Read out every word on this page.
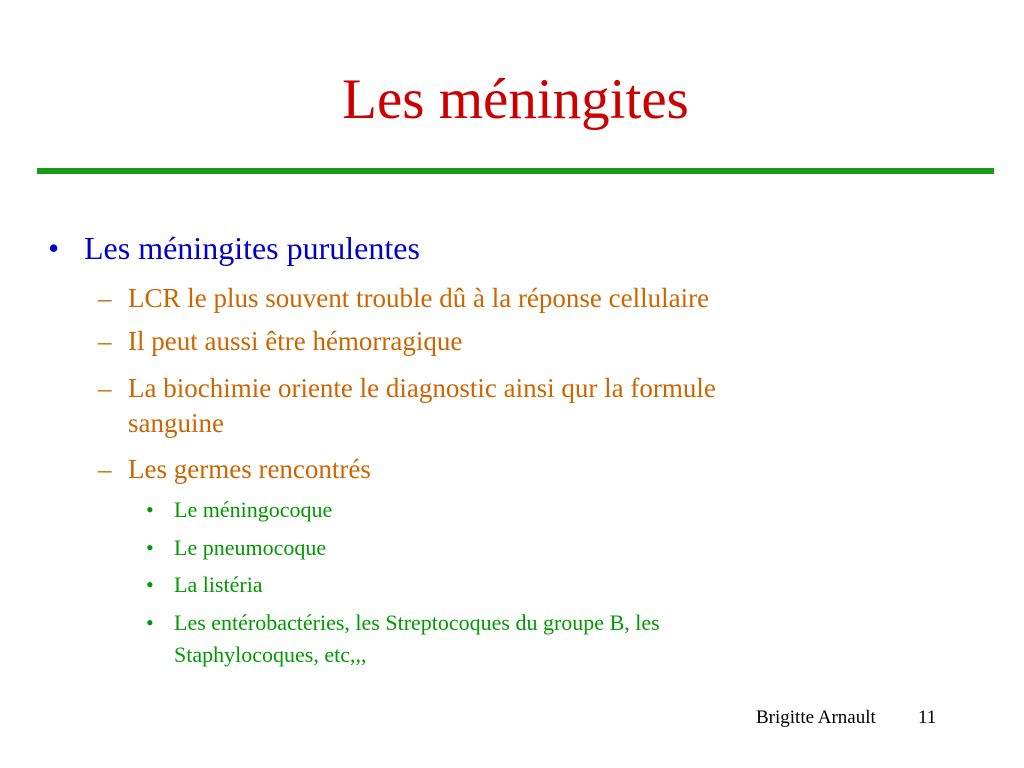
Les méningites
• Les méningites purulentes
– LCR le plus souvent trouble dû à la réponse cellulaire
– Il peut aussi être hémorragique
– La biochimie oriente le diagnostic ainsi qur la formule
sanguine
– Les germes rencontrés
• Le méningocoque
• Le pneumocoque
• La listéria
• Les entérobactéries, les Streptocoques du groupe B, les
Staphylocoques, etc,,,
Brigitte Arnault 11
